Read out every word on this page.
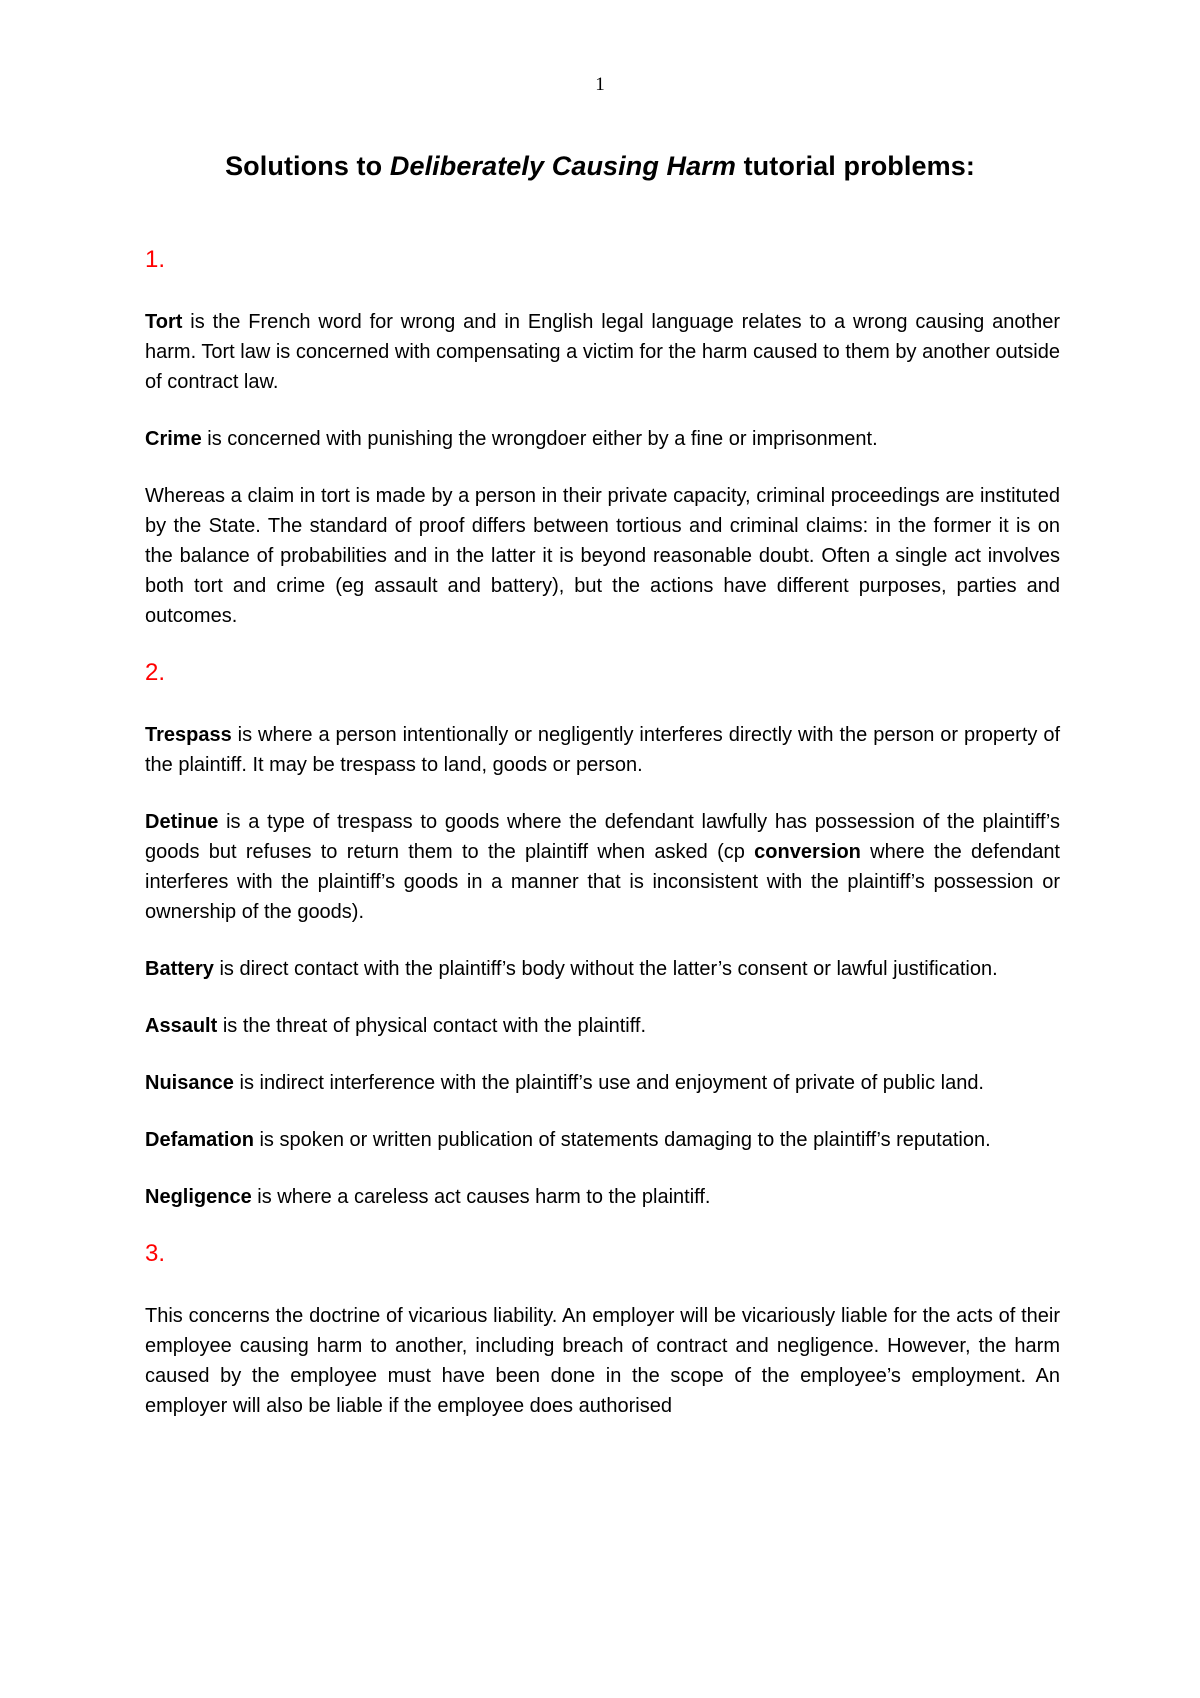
1
Solutions to Deliberately Causing Harm tutorial problems:
1.

Tort is the French word for wrong and in English legal language relates to a wrong causing another harm. Tort law is concerned with compensating a victim for the harm caused to them by another outside of contract law.

Crime is concerned with punishing the wrongdoer either by a fine or imprisonment.

Whereas a claim in tort is made by a person in their private capacity, criminal proceedings are instituted by the State. The standard of proof differs between tortious and criminal claims: in the former it is on the balance of probabilities and in the latter it is beyond reasonable doubt. Often a single act involves both tort and crime (eg assault and battery), but the actions have different purposes, parties and outcomes.

2.

Trespass is where a person intentionally or negligently interferes directly with the person or property of the plaintiff. It may be trespass to land, goods or person.

Detinue is a type of trespass to goods where the defendant lawfully has possession of the plaintiff’s goods but refuses to return them to the plaintiff when asked (cp conversion where the defendant interferes with the plaintiff’s goods in a manner that is inconsistent with the plaintiff’s possession or ownership of the goods).

Battery is direct contact with the plaintiff’s body without the latter’s consent or lawful justification.

Assault is the threat of physical contact with the plaintiff.

Nuisance is indirect interference with the plaintiff’s use and enjoyment of private of public land.

Defamation is spoken or written publication of statements damaging to the plaintiff’s reputation.

Negligence is where a careless act causes harm to the plaintiff.

3.

This concerns the doctrine of vicarious liability. An employer will be vicariously liable for the acts of their employee causing harm to another, including breach of contract and negligence. However, the harm caused by the employee must have been done in the scope of the employee’s employment. An employer will also be liable if the employee does authorised
